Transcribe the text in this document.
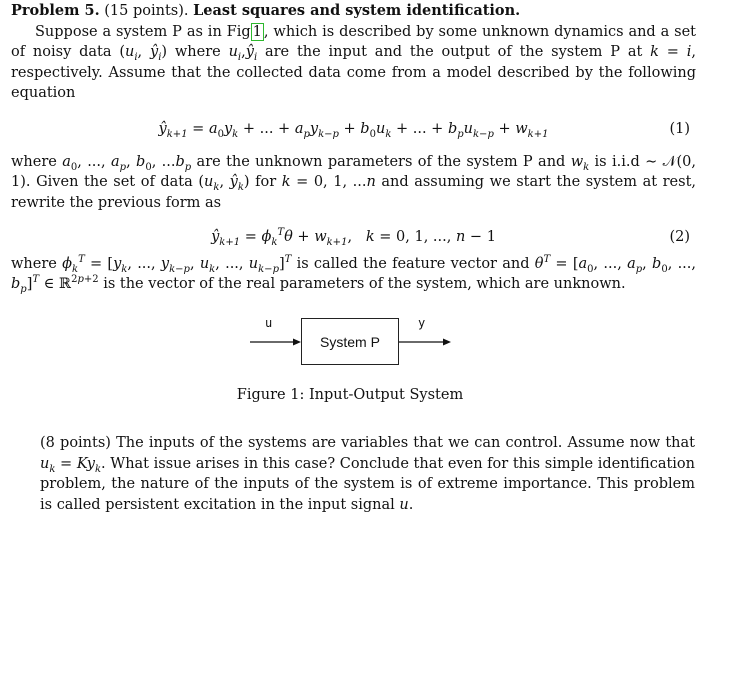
Problem 5. (15 points). Least squares and system identification.

Suppose a system P as in Fig 1 , which is described by some unknown dynamics and a set of noisy data ($u_i$, $ŷ_i$) where $u_i,ŷ_i$ are the input and the output of the system P at k = i, respectively. Assume that the collected data come from a model described by the following equation

$ŷ_{k+1} = a_0y_k$ + ... + $a_py_{k-p} + b_0u_k$ + ... + $b_pu_{k-p} + w_{k+1}$	(1)

where $a_0$, ..., $a_p$, $b_0$, $...b_p$ are the unknown parameters of the system P and $w_k$ is i.i.d ∼ 𝒩(0, 1). Given the set of data ($u_k$, $ŷ_k$) for k = 0, 1, ...n and assuming we start the system at rest, rewrite the previous form as

$ŷ_{k+1} = \phi_k^T\theta + w_{k+1}$,   k = 0, 1, ..., n − 1	(2)

where $\phi_k^T = [y_k$, ..., $y_{k-p}$, $u_k$, ..., $u_{k-p}]^T$ is called the feature vector and $\theta^T = [a_0$, ..., $a_p$, $b_0$, ..., $b_p]^T$ ∈ ℝ$^{2p+2}$ is the vector of the real parameters of the system, which are unknown.

u
System P
y
Figure 1: Input-Output System

(8 points) The inputs of the systems are variables that we can control. Assume now that $u_k = Ky_k$. What issue arises in this case? Conclude that even for this simple identification problem, the nature of the inputs of the system is of extreme importance. This problem is called persistent excitation in the input signal u.
